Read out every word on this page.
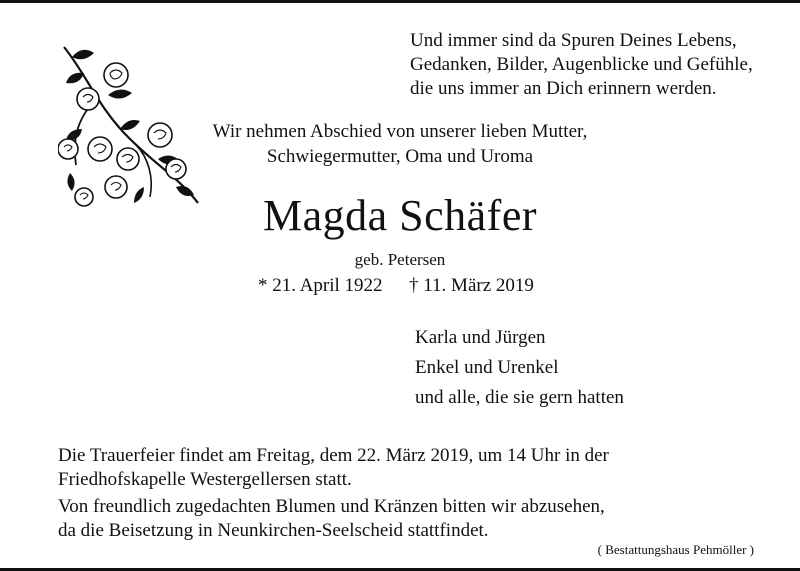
Und immer sind da Spuren Deines Lebens,
Gedanken, Bilder, Augenblicke und Gefühle,
die uns immer an Dich erinnern werden.
Wir nehmen Abschied von unserer lieben Mutter,
Schwiegermutter, Oma und Uroma
Magda Schäfer
geb. Petersen
* 21. April 1922 † 11. März 2019
Karla und Jürgen
Enkel und Urenkel
und alle, die sie gern hatten
Die Trauerfeier findet am Freitag, dem 22. März 2019, um 14 Uhr in der
Friedhofskapelle Westergellersen statt.
Von freundlich zugedachten Blumen und Kränzen bitten wir abzusehen,
da die Beisetzung in Neunkirchen-Seelscheid stattfindet.
( Bestattungshaus Pehmöller )
